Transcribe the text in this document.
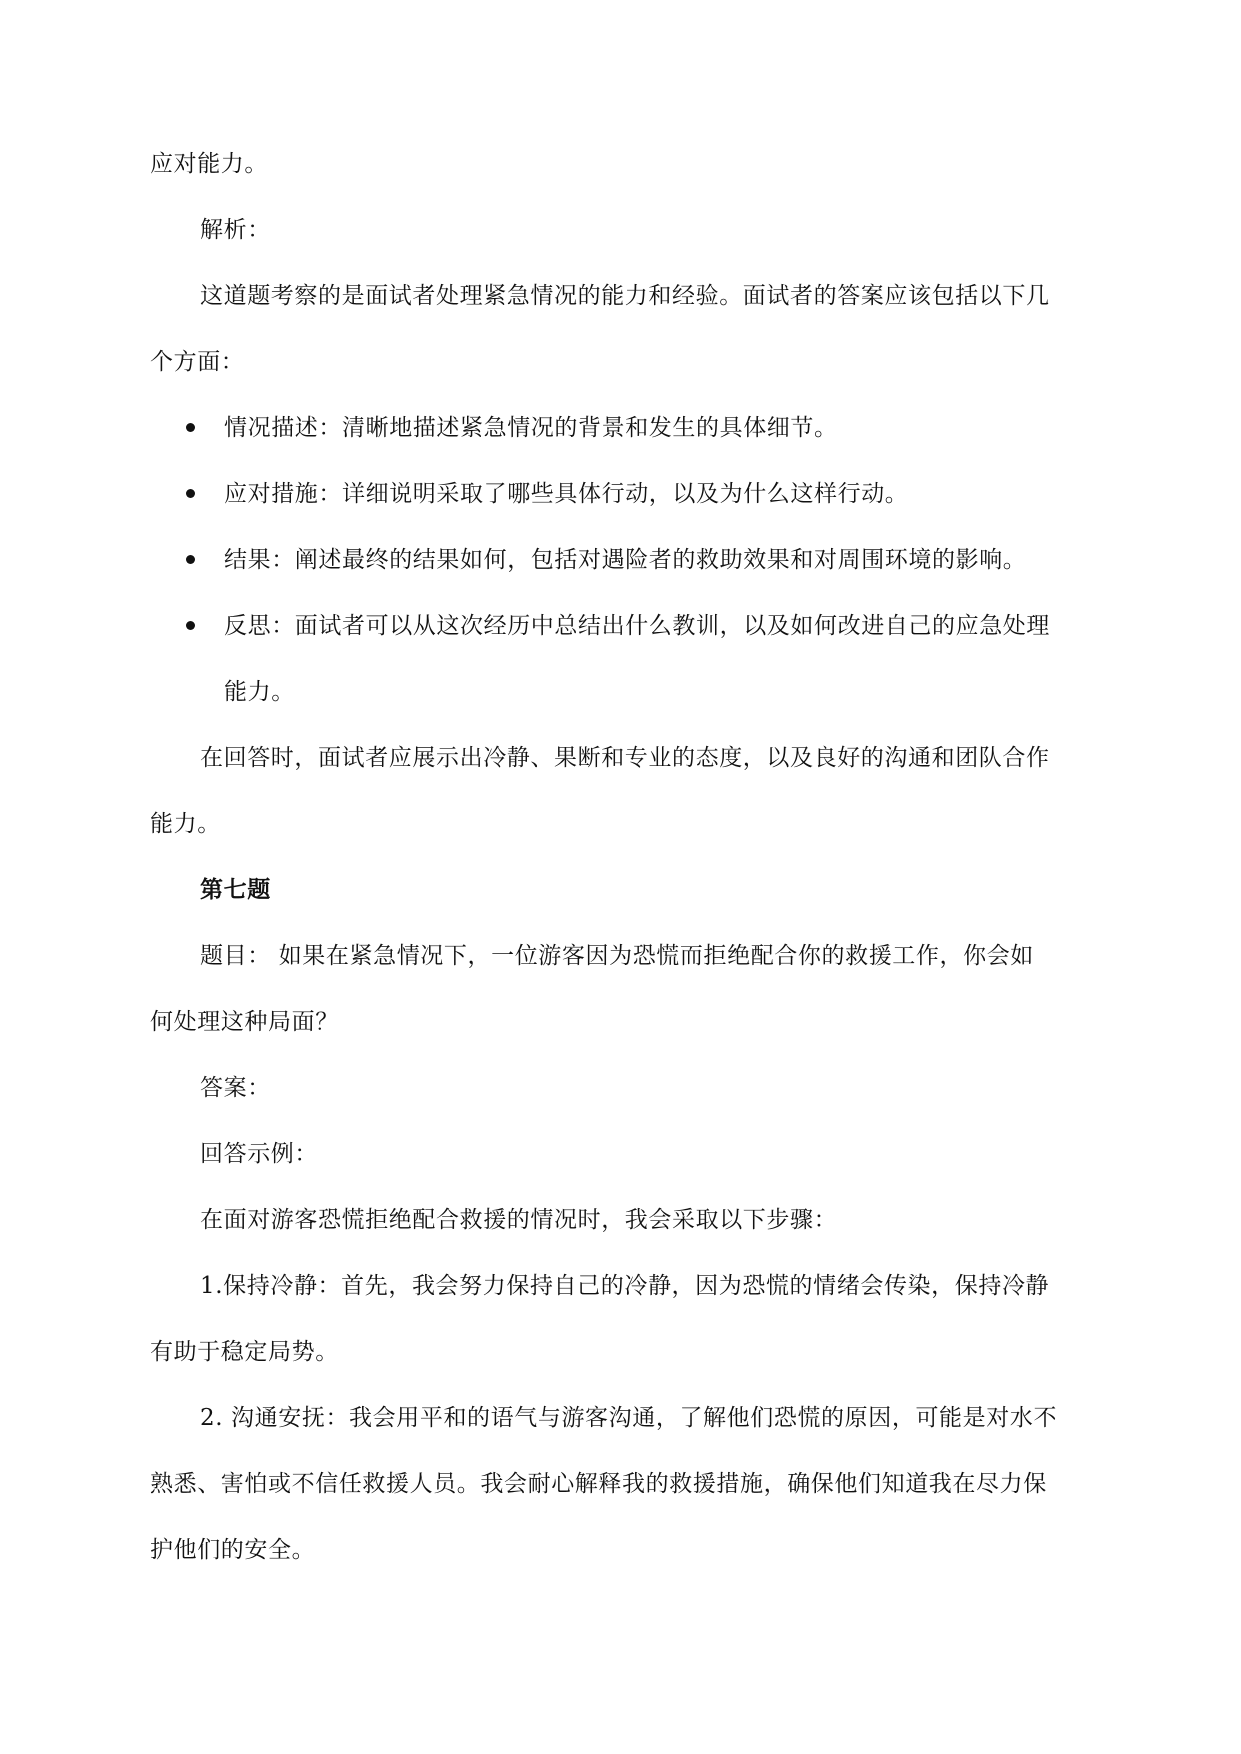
应对能力。
解析：
这道题考察的是面试者处理紧急情况的能力和经验。面试者的答案应该包括以下几
个方面：
情况描述：清晰地描述紧急情况的背景和发生的具体细节。
应对措施：详细说明采取了哪些具体行动，以及为什么这样行动。
结果：阐述最终的结果如何，包括对遇险者的救助效果和对周围环境的影响。
反思：面试者可以从这次经历中总结出什么教训，以及如何改进自己的应急处理
能力。
在回答时，面试者应展示出冷静、果断和专业的态度，以及良好的沟通和团队合作
能力。
第七题
题目： 如果在紧急情况下，一位游客因为恐慌而拒绝配合你的救援工作，你会如
何处理这种局面？
答案：
回答示例：
在面对游客恐慌拒绝配合救援的情况时，我会采取以下步骤：
1.保持冷静：首先，我会努力保持自己的冷静，因为恐慌的情绪会传染，保持冷静
有助于稳定局势。
2. 沟通安抚：我会用平和的语气与游客沟通，了解他们恐慌的原因，可能是对水不
熟悉、害怕或不信任救援人员。我会耐心解释我的救援措施，确保他们知道我在尽力保
护他们的安全。
